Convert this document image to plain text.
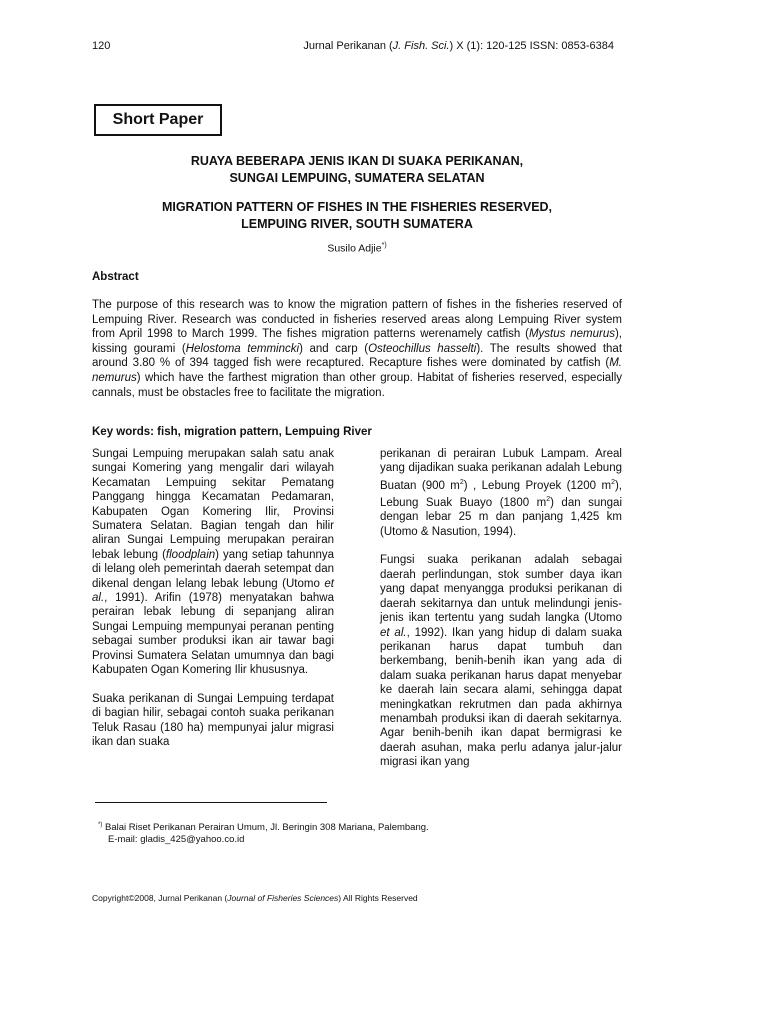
120	Jurnal Perikanan (J. Fish. Sci.) X (1): 120-125 ISSN: 0853-6384
Short Paper
RUAYA BEBERAPA JENIS IKAN DI SUAKA PERIKANAN,
SUNGAI LEMPUING, SUMATERA SELATAN
MIGRATION PATTERN OF FISHES IN THE FISHERIES RESERVED,
LEMPUING RIVER, SOUTH SUMATERA
Susilo Adjie*)
Abstract

The purpose of this research was to know the migration pattern of fishes in the fisheries reserved of Lempuing River. Research was conducted in fisheries reserved areas along Lempuing River system from April 1998 to March 1999. The fishes migration patterns werenamely catfish (Mystus nemurus), kissing gourami (Helostoma temmincki) and carp (Osteochillus hasselti). The results showed that around 3.80 % of 394 tagged fish were recaptured. Recapture fishes were dominated by catfish (M. nemurus) which have the farthest migration than other group. Habitat of fisheries reserved, especially cannals, must be obstacles free to facilitate the migration.

Key words: fish, migration pattern, Lempuing River

Sungai Lempuing merupakan salah satu anak sungai Komering yang mengalir dari wilayah Kecamatan Lempuing sekitar Pematang Panggang hingga Kecamatan Pedamaran, Kabupaten Ogan Komering Ilir, Provinsi Sumatera Selatan. Bagian tengah dan hilir aliran Sungai Lempuing merupakan perairan lebak lebung (floodplain) yang setiap tahunnya di lelang oleh pemerintah daerah setempat dan dikenal dengan lelang lebak lebung (Utomo et al., 1991). Arifin (1978) menyatakan bahwa perairan lebak lebung di sepanjang aliran Sungai Lempuing mempunyai peranan penting sebagai sumber produksi ikan air tawar bagi Provinsi Sumatera Selatan umumnya dan bagi Kabupaten Ogan Komering Ilir khususnya.

Suaka perikanan di Sungai Lempuing terdapat di bagian hilir, sebagai contoh suaka perikanan Teluk Rasau (180 ha) mempunyai jalur migrasi ikan dan suaka

perikanan di perairan Lubuk Lampam. Areal yang dijadikan suaka perikanan adalah Lebung Buatan (900 $m^2$) , Lebung Proyek (1200 $m^2$), Lebung Suak Buayo (1800 $m^2$) dan sungai dengan lebar 25 m dan panjang 1,425 km (Utomo & Nasution, 1994).

Fungsi suaka perikanan adalah sebagai daerah perlindungan, stok sumber daya ikan yang dapat menyangga produksi perikanan di daerah sekitarnya dan untuk melindungi jenis-jenis ikan tertentu yang sudah langka (Utomo et al., 1992). Ikan yang hidup di dalam suaka perikanan harus dapat tumbuh dan berkembang, benih-benih ikan yang ada di dalam suaka perikanan harus dapat menyebar ke daerah lain secara alami, sehingga dapat meningkatkan rekrutmen dan pada akhirnya menambah produksi ikan di daerah sekitarnya. Agar benih-benih ikan dapat bermigrasi ke daerah asuhan, maka perlu adanya jalur-jalur migrasi ikan yang

*) Balai Riset Perikanan Perairan Umum, Jl. Beringin 308 Mariana, Palembang.
E-mail: gladis_425@yahoo.co.id
Copyright©2008, Jurnal Perikanan (Journal of Fisheries Sciences) All Rights Reserved
